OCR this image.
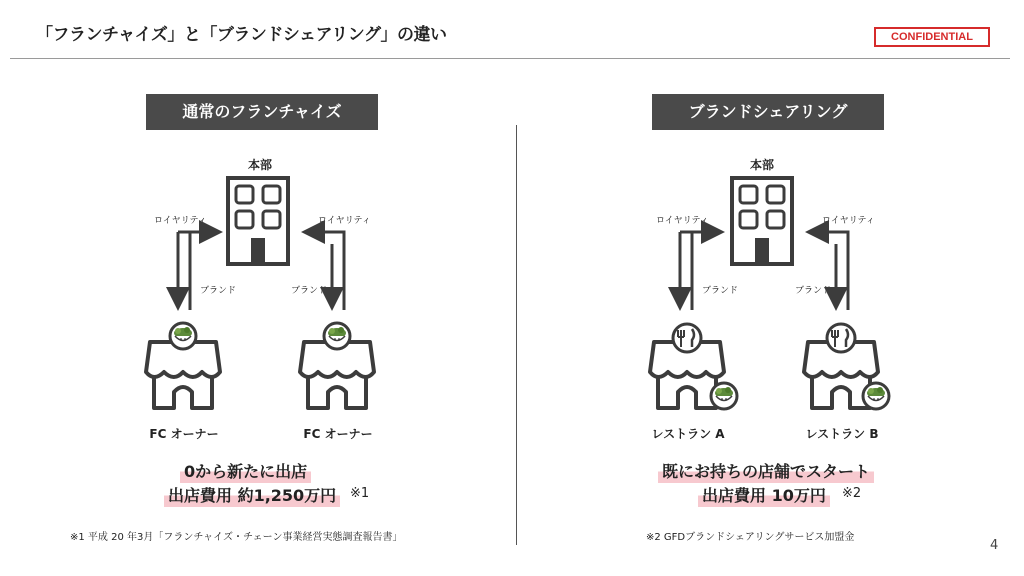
「フランチャイズ」と「ブランドシェアリング」の違い	CONFIDENTIAL
通常のフランチャイズ
本部
ロイヤリティ	ロイヤリティ
ブランド	ブランド
FC オーナー	FC オーナー
0から新たに出店
出店費用 約1,250万円	※1
※1 平成 20 年3月「フランチャイズ・チェーン事業経営実態調査報告書」
ブランドシェアリング
本部
ロイヤリティ	ロイヤリティ
ブランド	ブランド
レストラン A	レストラン B
既にお持ちの店舗でスタート
出店費用 10万円	※2
※2 GFDブランドシェアリングサービス加盟金
4
